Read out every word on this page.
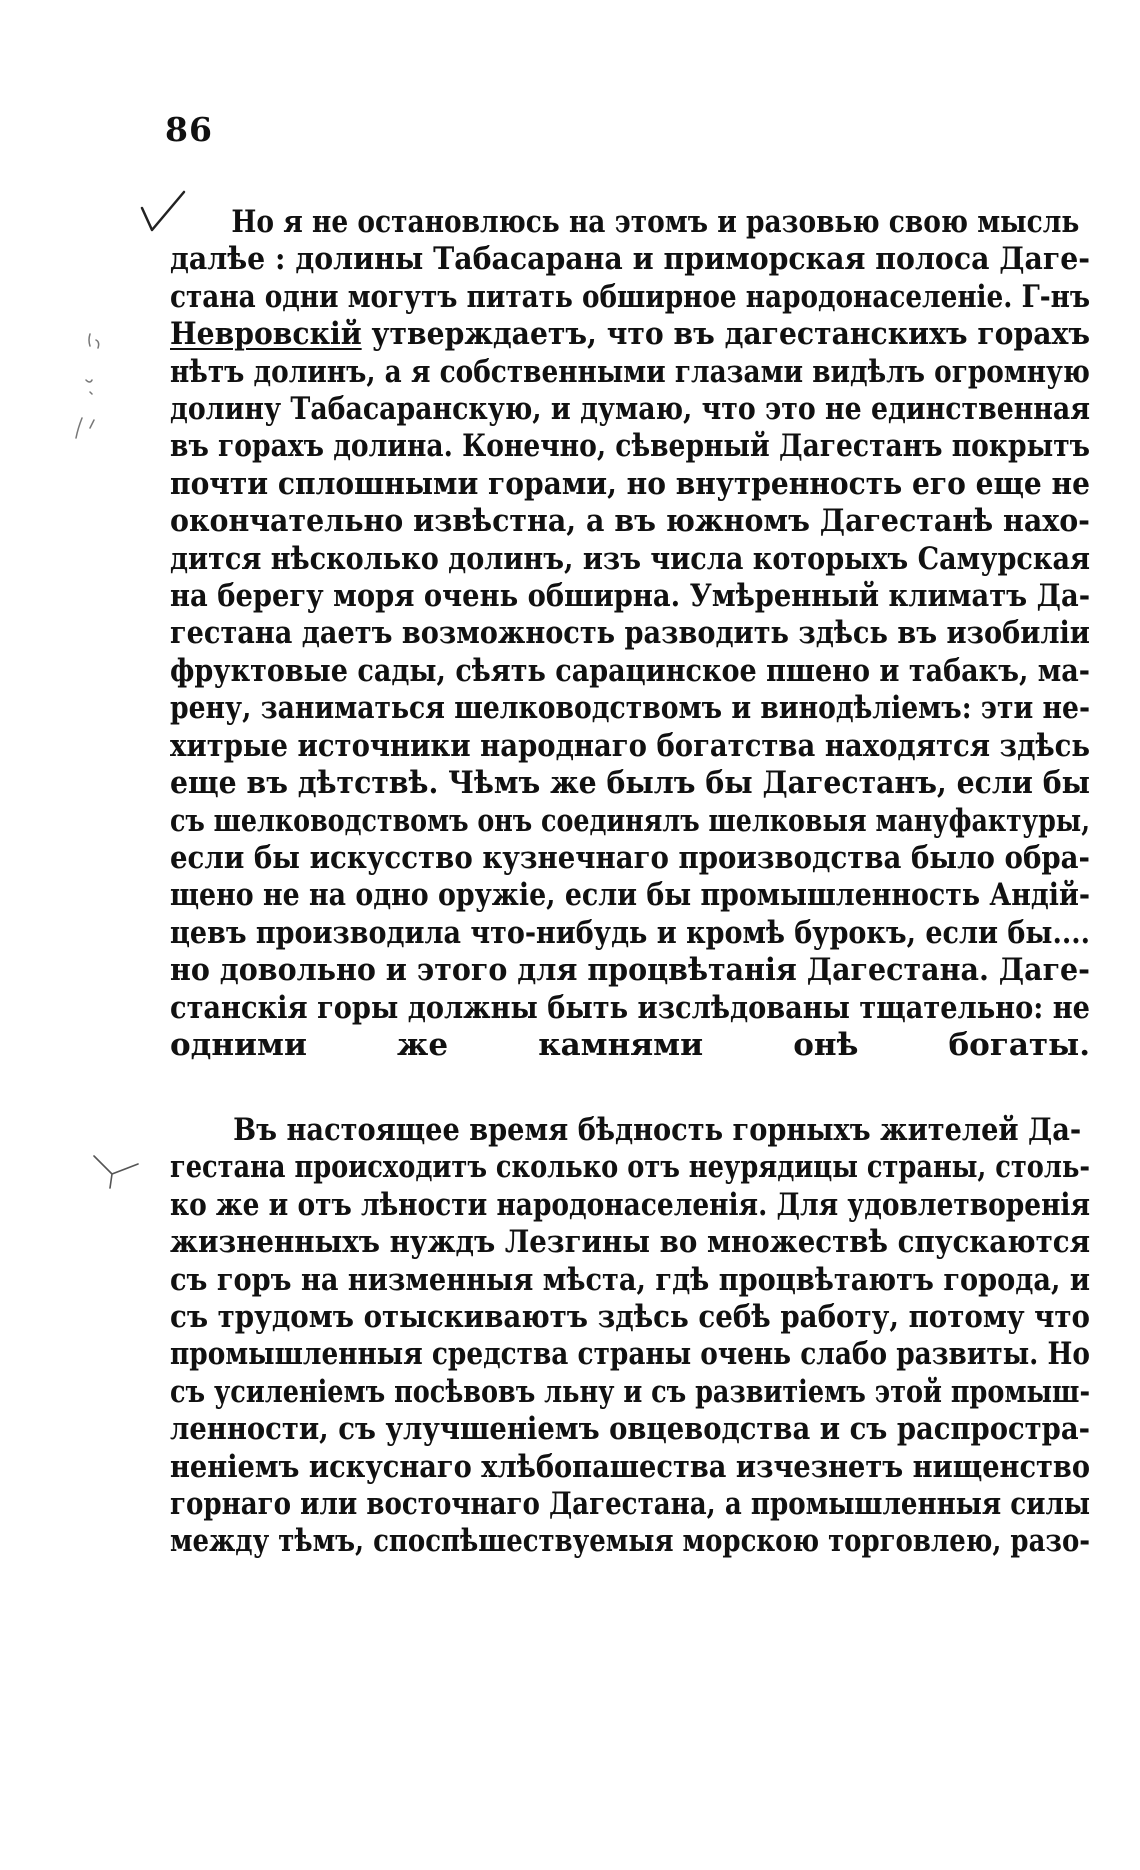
86
Но я не остановлюсь на этомъ и разовью свою мысль
далѣе : долины Табасарана и приморская полоса Даге-
стана одни могутъ питать обширное народонаселеніе. Г-нъ
Невровскій утверждаетъ, что въ дагестанскихъ горахъ
нѣтъ долинъ, а я собственными глазами видѣлъ огромную
долину Табасаранскую, и думаю, что это не единственная
въ горахъ долина. Конечно, сѣверный Дагестанъ покрытъ
почти сплошными горами, но внутренность его еще не
окончательно извѣстна, а въ южномъ Дагестанѣ нахо-
дится нѣсколько долинъ, изъ числа которыхъ Самурская
на берегу моря очень обширна. Умѣренный климатъ Да-
гестана даетъ возможность разводить здѣсь въ изобиліи
фруктовые сады, сѣять сарацинское пшено и табакъ, ма-
рену, заниматься шелководствомъ и винодѣліемъ: эти не-
хитрые источники народнаго богатства находятся здѣсь
еще въ дѣтствѣ. Чѣмъ же былъ бы Дагестанъ, если бы
съ шелководствомъ онъ соединялъ шелковыя мануфактуры,
если бы искусство кузнечнаго производства было обра-
щено не на одно оружіе, если бы промышленность Андій-
цевъ производила что-нибудь и кромѣ бурокъ, если бы....
но довольно и этого для процвѣтанія Дагестана. Даге-
станскія горы должны быть изслѣдованы тщательно: не
одними же камнями онѣ богаты.
Въ настоящее время бѣдность горныхъ жителей Да-
гестана происходитъ сколько отъ неурядицы страны, столь-
ко же и отъ лѣности народонаселенія. Для удовлетворенія
жизненныхъ нуждъ Лезгины во множествѣ спускаются
съ горъ на низменныя мѣста, гдѣ процвѣтаютъ города, и
съ трудомъ отыскиваютъ здѣсь себѣ работу, потому что
промышленныя средства страны очень слабо развиты. Но
съ усиленіемъ посѣвовъ льну и съ развитіемъ этой промыш-
ленности, съ улучшеніемъ овцеводства и съ распростра-
неніемъ искуснаго хлѣбопашества изчезнетъ нищенство
горнаго или восточнаго Дагестана, а промышленныя силы
между тѣмъ, споспѣшествуемыя морскою торговлею, разо-
